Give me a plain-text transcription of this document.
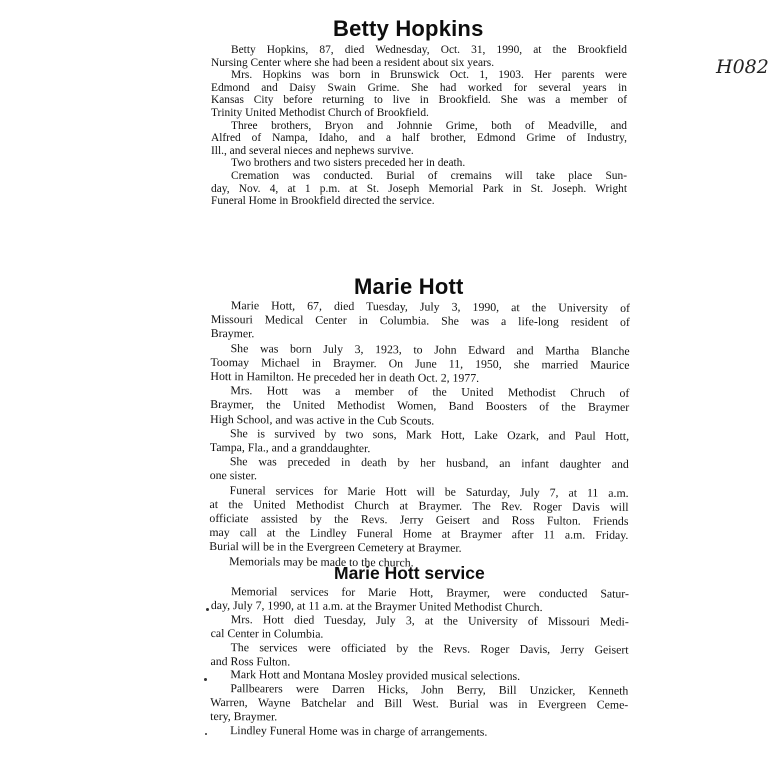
Betty Hopkins
Marie Hott
Marie Hott service
H082
Betty Hopkins, 87, died Wednesday, Oct. 31, 1990, at the Brookfield
Nursing Center where she had been a resident about six years.
Mrs. Hopkins was born in Brunswick Oct. 1, 1903. Her parents were
Edmond and Daisy Swain Grime. She had worked for several years in
Kansas City before returning to live in Brookfield. She was a member of
Trinity United Methodist Church of Brookfield.
Three brothers, Bryon and Johnnie Grime, both of Meadville, and
Alfred of Nampa, Idaho, and a half brother, Edmond Grime of Industry,
Ill., and several nieces and nephews survive.
Two brothers and two sisters preceded her in death.
Cremation was conducted. Burial of cremains will take place Sun-
day, Nov. 4, at 1 p.m. at St. Joseph Memorial Park in St. Joseph. Wright
Funeral Home in Brookfield directed the service.
Marie Hott, 67, died Tuesday, July 3, 1990, at the University of
Missouri Medical Center in Columbia. She was a life-long resident of
Braymer.
She was born July 3, 1923, to John Edward and Martha Blanche
Toomay Michael in Braymer. On June 11, 1950, she married Maurice
Hott in Hamilton. He preceded her in death Oct. 2, 1977.
Mrs. Hott was a member of the United Methodist Chruch of
Braymer, the United Methodist Women, Band Boosters of the Braymer
High School, and was active in the Cub Scouts.
She is survived by two sons, Mark Hott, Lake Ozark, and Paul Hott,
Tampa, Fla., and a granddaughter.
She was preceded in death by her husband, an infant daughter and
one sister.
Funeral services for Marie Hott will be Saturday, July 7, at 11 a.m.
at the United Methodist Church at Braymer. The Rev. Roger Davis will
officiate assisted by the Revs. Jerry Geisert and Ross Fulton. Friends
may call at the Lindley Funeral Home at Braymer after 11 a.m. Friday.
Burial will be in the Evergreen Cemetery at Braymer.
Memorials may be made to the church.
Memorial services for Marie Hott, Braymer, were conducted Satur-
day, July 7, 1990, at 11 a.m. at the Braymer United Methodist Church.
Mrs. Hott died Tuesday, July 3, at the University of Missouri Medi-
cal Center in Columbia.
The services were officiated by the Revs. Roger Davis, Jerry Geisert
and Ross Fulton.
Mark Hott and Montana Mosley provided musical selections.
Pallbearers were Darren Hicks, John Berry, Bill Unzicker, Kenneth
Warren, Wayne Batchelar and Bill West. Burial was in Evergreen Ceme-
tery, Braymer.
Lindley Funeral Home was in charge of arrangements.
